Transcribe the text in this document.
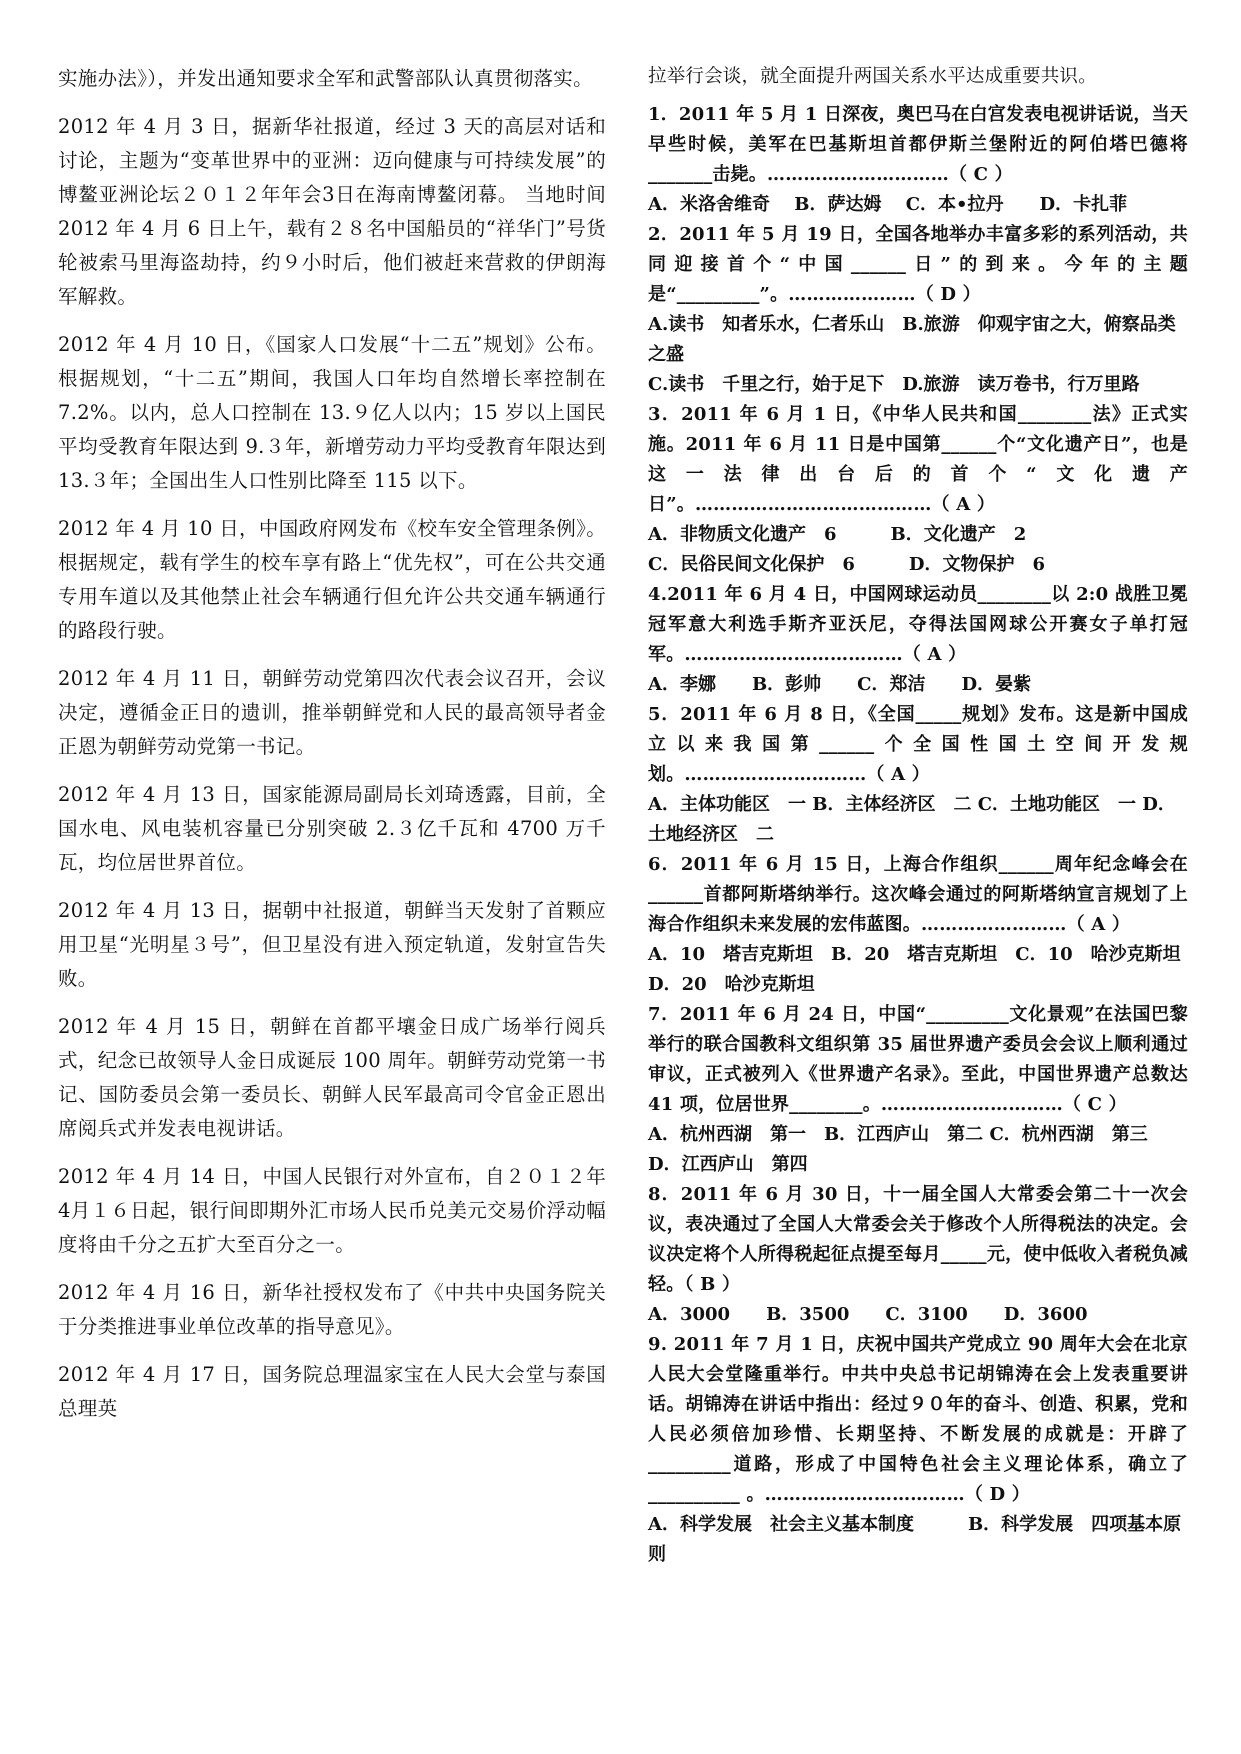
实施办法》），并发出通知要求全军和武警部队认真贯彻落实。

2012 年 4 月 3 日，据新华社报道，经过 3 天的高层对话和讨论，主题为“变革世界中的亚洲：迈向健康与可持续发展”的博鳌亚洲论坛２０１２年年会3日在海南博鳌闭幕。 当地时间 2012 年 4 月 6 日上午，载有２８名中国船员的“祥华门”号货轮被索马里海盗劫持，约９小时后，他们被赶来营救的伊朗海军解救。

2012 年 4 月 10 日，《国家人口发展“十二五”规划》公布。根据规划，“十二五”期间，我国人口年均自然增长率控制在 7.2%。以内，总人口控制在 13.９亿人以内；15 岁以上国民平均受教育年限达到 9.３年，新增劳动力平均受教育年限达到 13.３年；全国出生人口性别比降至 115 以下。

2012 年 4 月 10 日，中国政府网发布《校车安全管理条例》。根据规定，载有学生的校车享有路上“优先权”，可在公共交通专用车道以及其他禁止社会车辆通行但允许公共交通车辆通行的路段行驶。

2012 年 4 月 11 日，朝鲜劳动党第四次代表会议召开，会议决定，遵循金正日的遗训，推举朝鲜党和人民的最高领导者金正恩为朝鲜劳动党第一书记。

2012 年 4 月 13 日，国家能源局副局长刘琦透露，目前，全国水电、风电装机容量已分别突破 2.３亿千瓦和 4700 万千瓦，均位居世界首位。

2012 年 4 月 13 日，据朝中社报道，朝鲜当天发射了首颗应用卫星“光明星３号”，但卫星没有进入预定轨道，发射宣告失败。

2012 年 4 月 15 日，朝鲜在首都平壤金日成广场举行阅兵式，纪念已故领导人金日成诞辰 100 周年。朝鲜劳动党第一书记、国防委员会第一委员长、朝鲜人民军最高司令官金正恩出席阅兵式并发表电视讲话。

2012 年 4 月 14 日，中国人民银行对外宣布，自２０１２年4月１６日起，银行间即期外汇市场人民币兑美元交易价浮动幅度将由千分之五扩大至百分之一。

2012 年 4 月 16 日，新华社授权发布了《中共中央国务院关于分类推进事业单位改革的指导意见》。

2012 年 4 月 17 日，国务院总理温家宝在人民大会堂与泰国总理英

拉举行会谈，就全面提升两国关系水平达成重要共识。

1．2011 年 5 月 1 日深夜，奥巴马在白宫发表电视讲话说，当天早些时候，美军在巴基斯坦首都伊斯兰堡附近的阿伯塔巴德将_______击毙。…………………………（ C ）

A．米洛舍维奇　 B．萨达姆　 C．本•拉丹　　D．卡扎菲

2．2011 年 5 月 19 日，全国各地举办丰富多彩的系列活动，共同迎接首个“中国______日”的到来。今年的主题是“_________”。…………………（ D ）

A.读书　知者乐水，仁者乐山　B.旅游　仰观宇宙之大，俯察品类之盛

C.读书　千里之行，始于足下　D.旅游　读万卷书，行万里路

3．2011 年 6 月 1 日，《中华人民共和国________法》正式实施。2011 年 6 月 11 日是中国第______个“文化遗产日”，也是这一法律出台后的首个“文化遗产日”。…………………………………（ A ）

A．非物质文化遗产　6　　　B．文化遗产　2

C．民俗民间文化保护　6　　　D．文物保护　6

4.2011 年 6 月 4 日，中国网球运动员________以 2:0 战胜卫冕冠军意大利选手斯齐亚沃尼，夺得法国网球公开赛女子单打冠军。………………………………（ A ）

A．李娜　　B．彭帅　　C．郑洁　　D．晏紫

5．2011 年 6 月 8 日，《全国_____规划》发布。这是新中国成立以来我国第______个全国性国土空间开发规划。…………………………（ A ）

A．主体功能区　一 B．主体经济区　二 C．土地功能区　一 D．土地经济区　二

6．2011 年 6 月 15 日，上海合作组织______周年纪念峰会在______首都阿斯塔纳举行。这次峰会通过的阿斯塔纳宣言规划了上海合作组织未来发展的宏伟蓝图。……………………（ A ）

A．10　塔吉克斯坦　B．20　塔吉克斯坦　C．10　哈沙克斯坦　D．20　哈沙克斯坦

7．2011 年 6 月 24 日，中国“_________文化景观”在法国巴黎举行的联合国教科文组织第 35 届世界遗产委员会会议上顺利通过审议，正式被列入《世界遗产名录》。至此，中国世界遗产总数达 41 项，位居世界________。…………………………（ C ）

A．杭州西湖　第一　B．江西庐山　第二 C．杭州西湖　第三　D．江西庐山　第四

8．2011 年 6 月 30 日，十一届全国人大常委会第二十一次会议，表决通过了全国人大常委会关于修改个人所得税法的决定。会议决定将个人所得税起征点提至每月_____元，使中低收入者税负减轻。（ B ）

A．3000　　B．3500　　C．3100　　D．3600

9. 2011 年 7 月 1 日，庆祝中国共产党成立 90 周年大会在北京人民大会堂隆重举行。中共中央总书记胡锦涛在会上发表重要讲话。胡锦涛在讲话中指出：经过９０年的奋斗、创造、积累，党和人民必须倍加珍惜、长期坚持、不断发展的成就是：开辟了_________道路，形成了中国特色社会主义理论体系，确立了__________ 。……………………………（ D ）

A．科学发展　社会主义基本制度　　　B．科学发展　四项基本原则
